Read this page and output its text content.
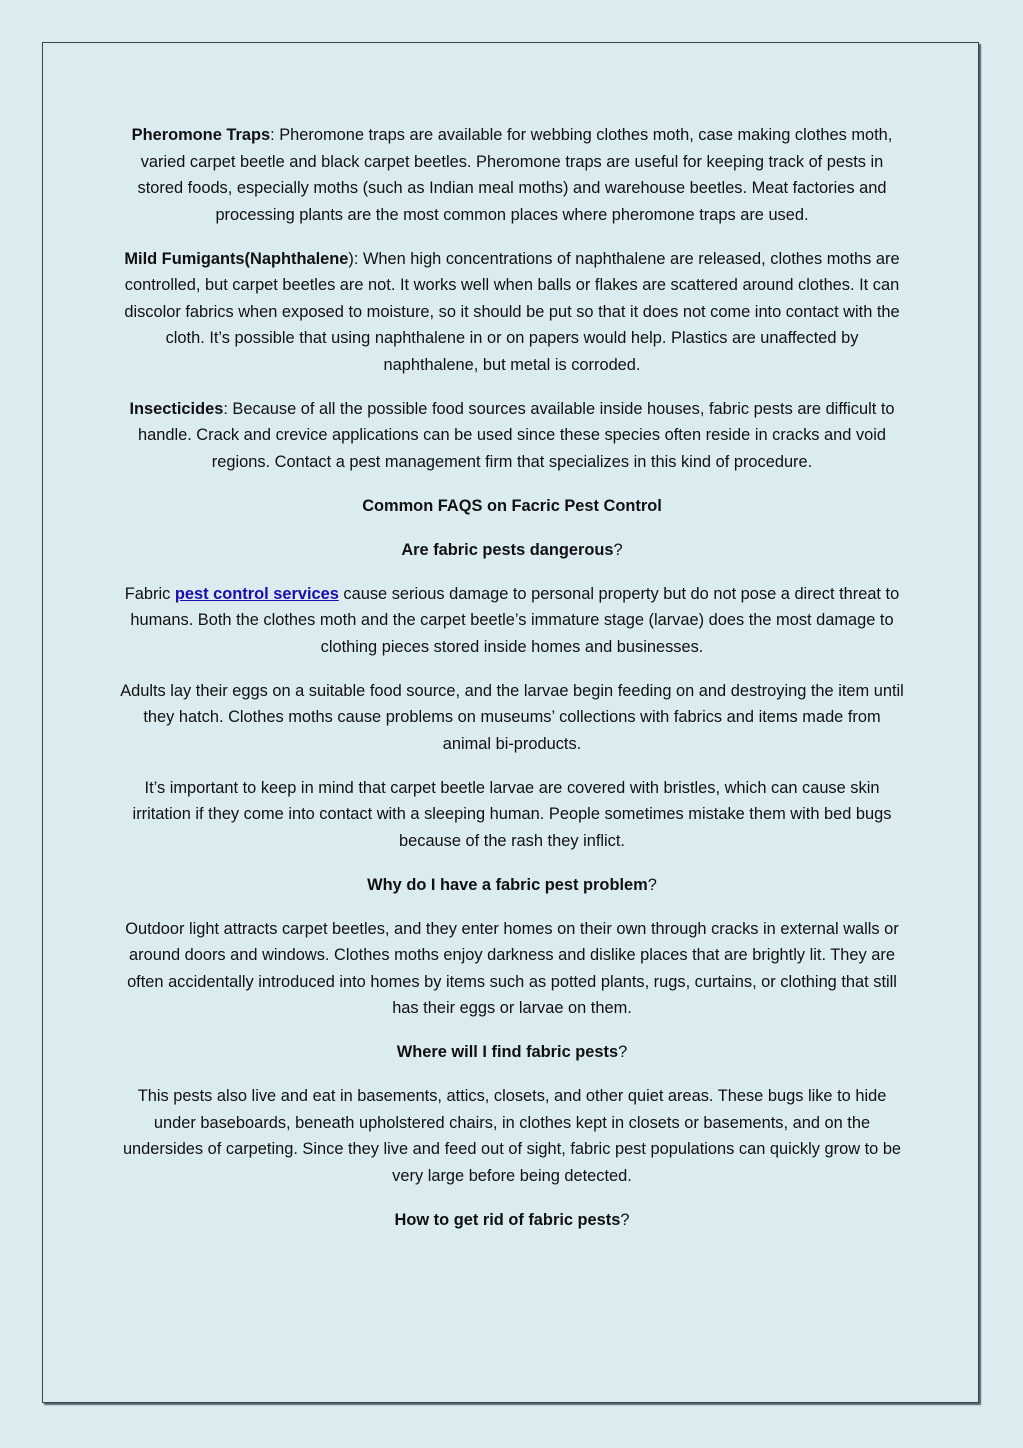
Pheromone Traps: Pheromone traps are available for webbing clothes moth, case making clothes moth, varied carpet beetle and black carpet beetles. Pheromone traps are useful for keeping track of pests in stored foods, especially moths (such as Indian meal moths) and warehouse beetles. Meat factories and processing plants are the most common places where pheromone traps are used.

Mild Fumigants(Naphthalene): When high concentrations of naphthalene are released, clothes moths are controlled, but carpet beetles are not. It works well when balls or flakes are scattered around clothes. It can discolor fabrics when exposed to moisture, so it should be put so that it does not come into contact with the cloth. It’s possible that using naphthalene in or on papers would help. Plastics are unaffected by naphthalene, but metal is corroded.

Insecticides: Because of all the possible food sources available inside houses, fabric pests are difficult to handle. Crack and crevice applications can be used since these species often reside in cracks and void regions. Contact a pest management firm that specializes in this kind of procedure.

Common FAQS on Facric Pest Control

Are fabric pests dangerous?

Fabric pest control services cause serious damage to personal property but do not pose a direct threat to humans. Both the clothes moth and the carpet beetle’s immature stage (larvae) does the most damage to clothing pieces stored inside homes and businesses.

Adults lay their eggs on a suitable food source, and the larvae begin feeding on and destroying the item until they hatch. Clothes moths cause problems on museums’ collections with fabrics and items made from animal bi-products.

It’s important to keep in mind that carpet beetle larvae are covered with bristles, which can cause skin irritation if they come into contact with a sleeping human. People sometimes mistake them with bed bugs because of the rash they inflict.

Why do I have a fabric pest problem?

Outdoor light attracts carpet beetles, and they enter homes on their own through cracks in external walls or around doors and windows. Clothes moths enjoy darkness and dislike places that are brightly lit. They are often accidentally introduced into homes by items such as potted plants, rugs, curtains, or clothing that still has their eggs or larvae on them.

Where will I find fabric pests?

This pests also live and eat in basements, attics, closets, and other quiet areas. These bugs like to hide under baseboards, beneath upholstered chairs, in clothes kept in closets or basements, and on the undersides of carpeting. Since they live and feed out of sight, fabric pest populations can quickly grow to be very large before being detected.

How to get rid of fabric pests?
